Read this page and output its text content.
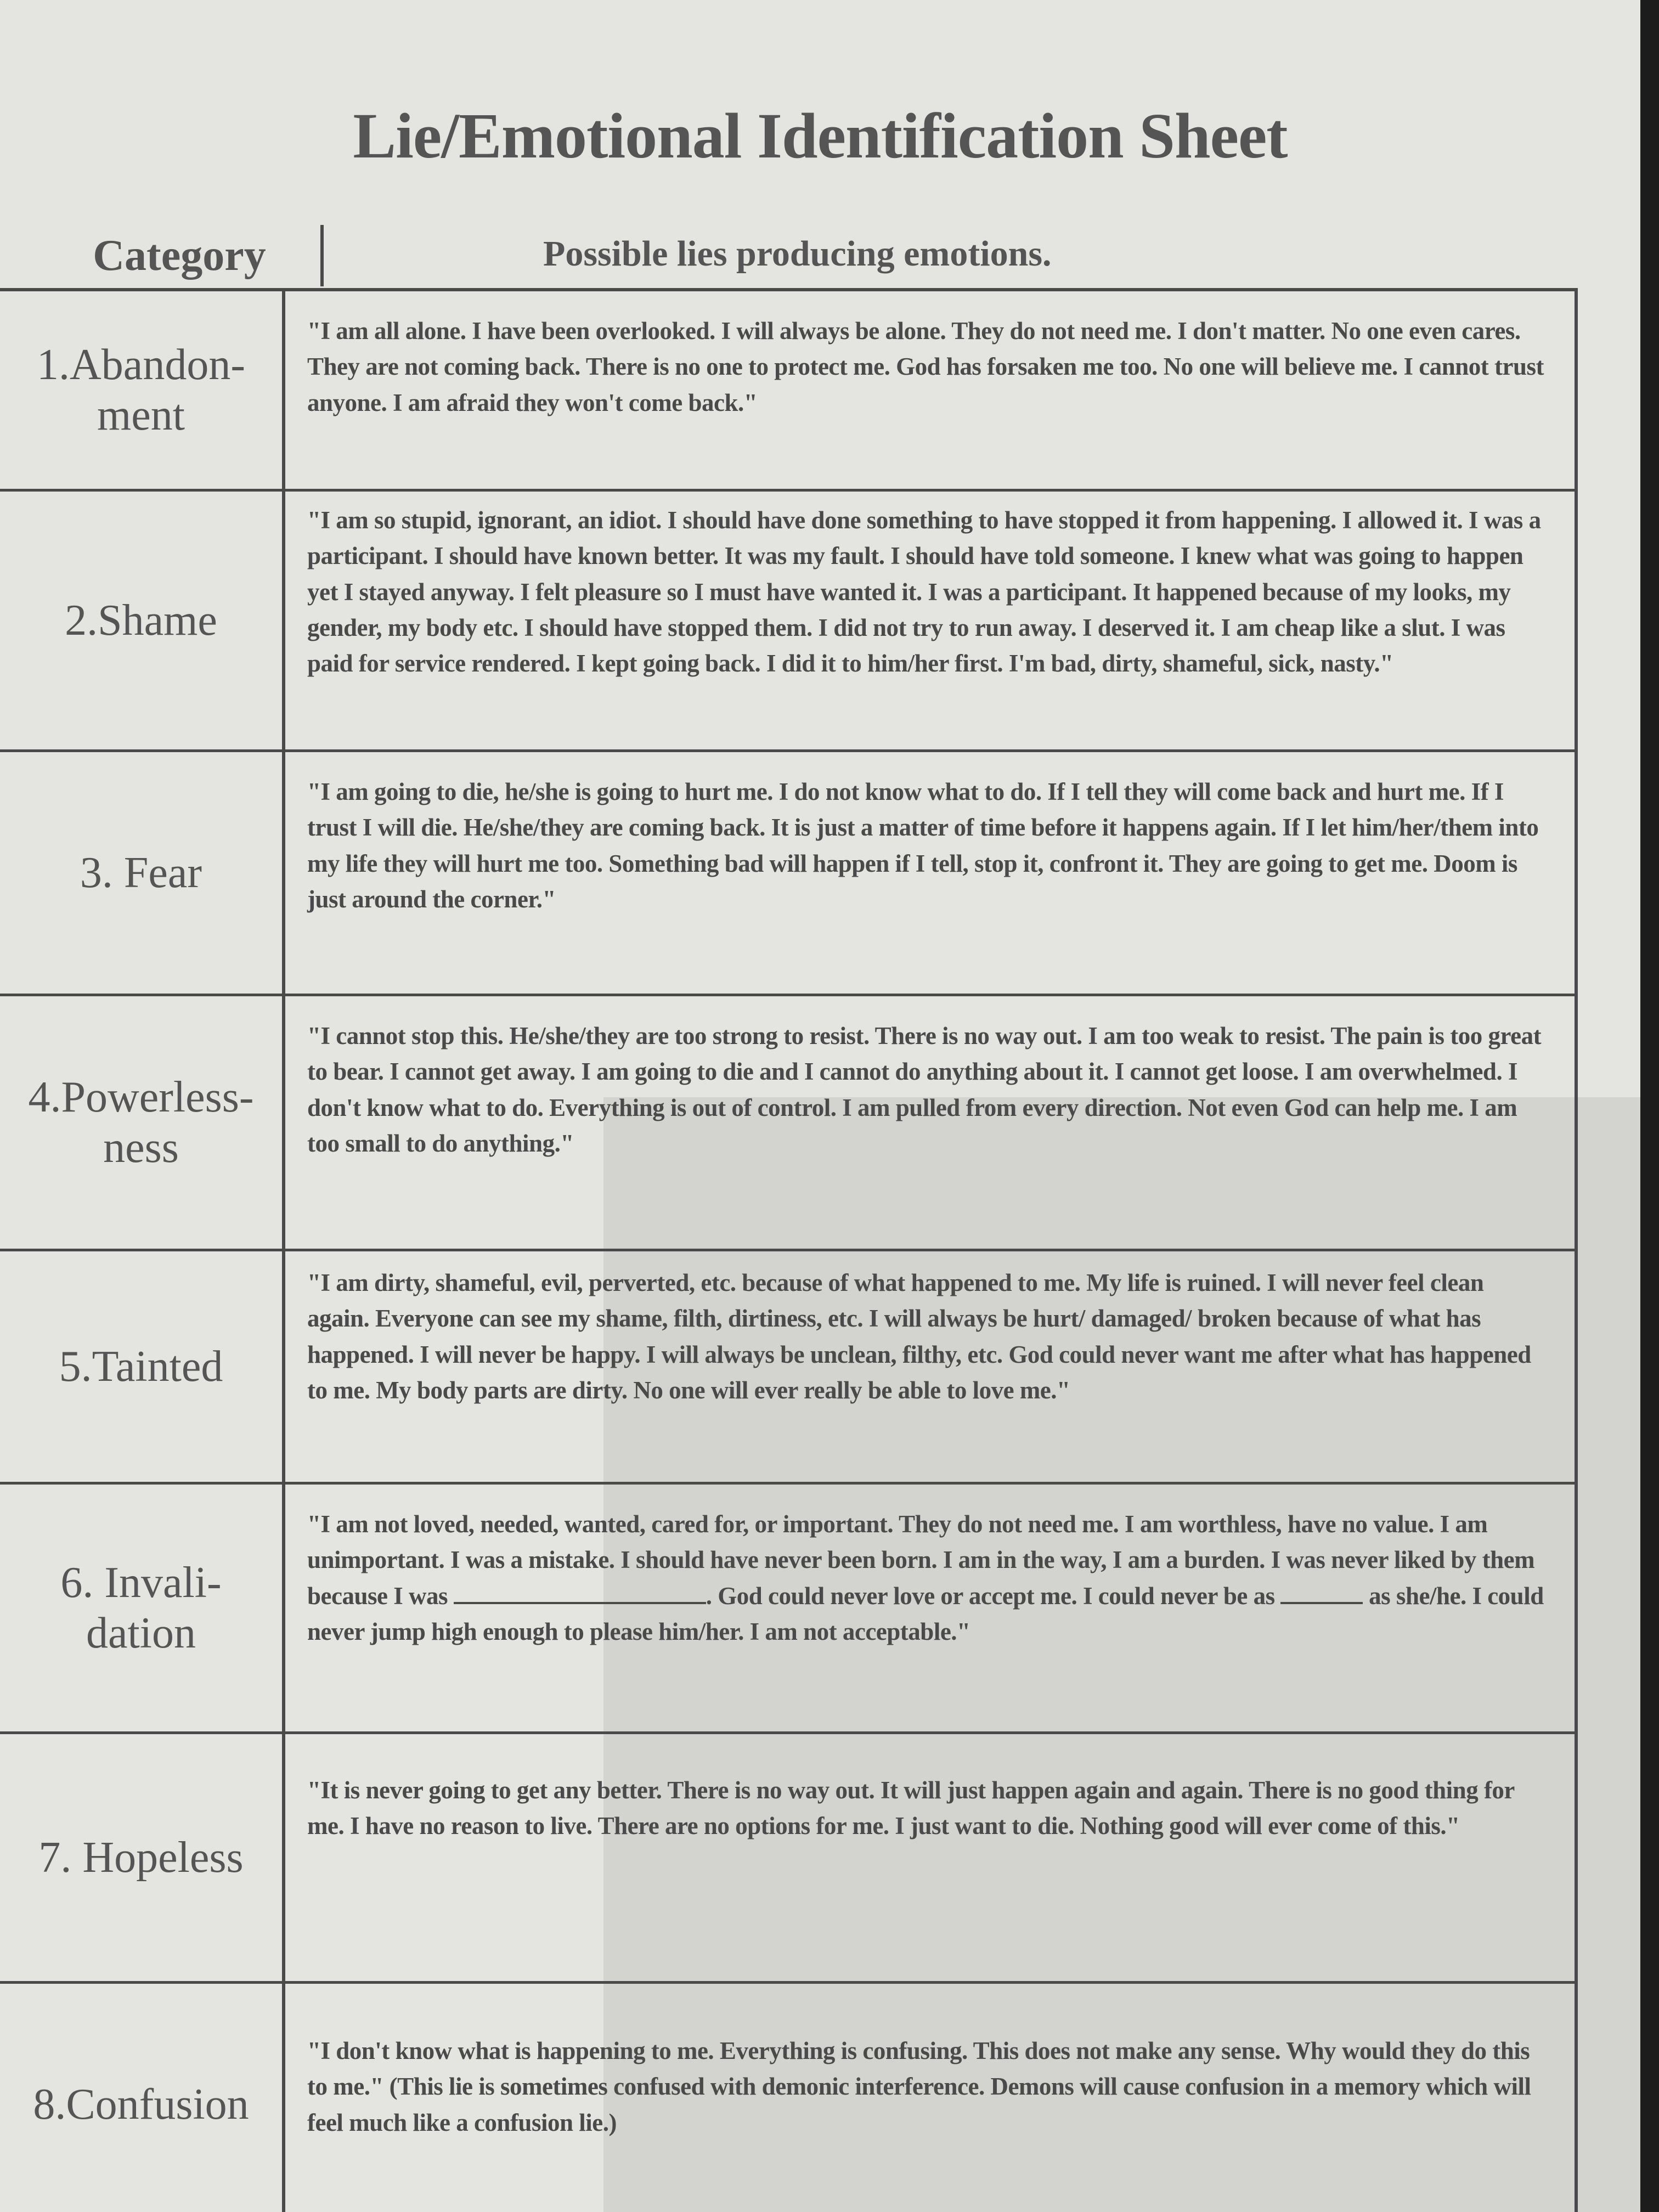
Lie/Emotional Identification Sheet
Category	Possible lies producing emotions.
1.Abandon-
ment
"I am all alone. I have been overlooked. I will always be alone. They do not need me. I don't matter. No one even cares. They are not coming back. There is no one to protect me. God has forsaken me too. No one will believe me. I cannot trust anyone. I am afraid they won't come back."
2.Shame
"I am so stupid, ignorant, an idiot. I should have done something to have stopped it from happening. I allowed it. I was a participant. I should have known better. It was my fault. I should have told someone. I knew what was going to happen yet I stayed anyway. I felt pleasure so I must have wanted it. I was a participant. It happened because of my looks, my gender, my body etc. I should have stopped them. I did not try to run away. I deserved it. I am cheap like a slut. I was paid for service rendered. I kept going back. I did it to him/her first. I'm bad, dirty, shameful, sick, nasty."
3. Fear
"I am going to die, he/she is going to hurt me. I do not know what to do. If I tell they will come back and hurt me. If I trust I will die. He/she/they are coming back. It is just a matter of time before it happens again. If I let him/her/them into my life they will hurt me too. Something bad will happen if I tell, stop it, confront it. They are going to get me. Doom is just around the corner."
4.Powerless-
ness
"I cannot stop this. He/she/they are too strong to resist. There is no way out. I am too weak to resist. The pain is too great to bear. I cannot get away. I am going to die and I cannot do anything about it. I cannot get loose. I am overwhelmed. I don't know what to do. Everything is out of control. I am pulled from every direction. Not even God can help me. I am too small to do anything."
5.Tainted
"I am dirty, shameful, evil, perverted, etc. because of what happened to me. My life is ruined. I will never feel clean again. Everyone can see my shame, filth, dirtiness, etc. I will always be hurt/ damaged/ broken because of what has happened. I will never be happy. I will always be unclean, filthy, etc. God could never want me after what has happened to me. My body parts are dirty. No one will ever really be able to love me."
6. Invali-
dation
"I am not loved, needed, wanted, cared for, or important. They do not need me. I am worthless, have no value. I am unimportant. I was a mistake. I should have never been born. I am in the way, I am a burden. I was never liked by them because I was	. God could never love or accept me. I could never be as	as she/he. I could never jump high enough to please him/her. I am not acceptable."
7. Hopeless
"It is never going to get any better. There is no way out. It will just happen again and again. There is no good thing for me. I have no reason to live. There are no options for me. I just want to die. Nothing good will ever come of this."
8.Confusion
"I don't know what is happening to me. Everything is confusing. This does not make any sense. Why would they do this to me." (This lie is sometimes confused with demonic interference. Demons will cause confusion in a memory which will feel much like a confusion lie.)
